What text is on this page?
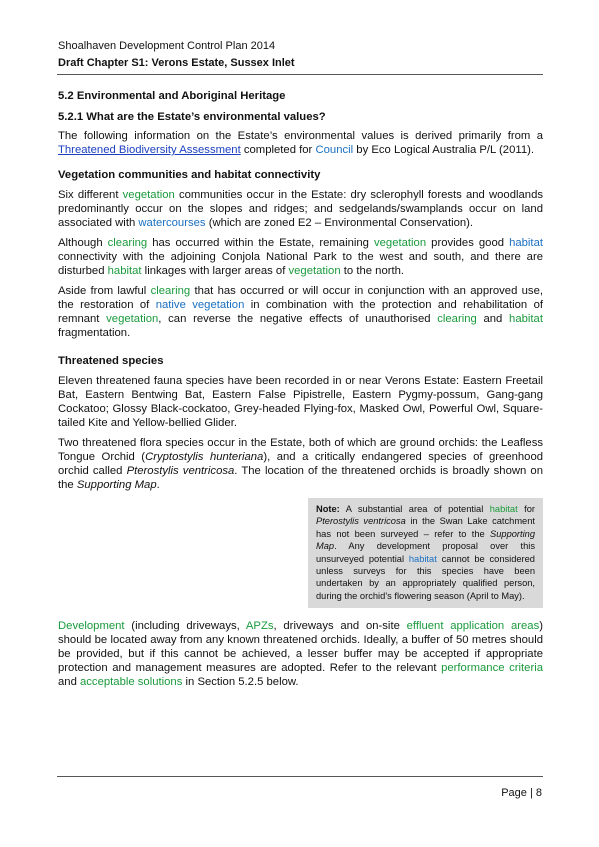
Shoalhaven Development Control Plan 2014
Draft Chapter S1: Verons Estate, Sussex Inlet
5.2 Environmental and Aboriginal Heritage
5.2.1 What are the Estate’s environmental values?

The following information on the Estate’s environmental values is derived primarily from a Threatened Biodiversity Assessment completed for Council by Eco Logical Australia P/L (2011).

Vegetation communities and habitat connectivity

Six different vegetation communities occur in the Estate: dry sclerophyll forests and woodlands predominantly occur on the slopes and ridges; and sedgelands/swamplands occur on land associated with watercourses (which are zoned E2 – Environmental Conservation).

Although clearing has occurred within the Estate, remaining vegetation provides good habitat connectivity with the adjoining Conjola National Park to the west and south, and there are disturbed habitat linkages with larger areas of vegetation to the north.

Aside from lawful clearing that has occurred or will occur in conjunction with an approved use, the restoration of native vegetation in combination with the protection and rehabilitation of remnant vegetation, can reverse the negative effects of unauthorised clearing and habitat fragmentation.

Threatened species

Eleven threatened fauna species have been recorded in or near Verons Estate: Eastern Freetail Bat, Eastern Bentwing Bat, Eastern False Pipistrelle, Eastern Pygmy-possum, Gang-gang Cockatoo; Glossy Black-cockatoo, Grey-headed Flying-fox, Masked Owl, Powerful Owl, Square-tailed Kite and Yellow-bellied Glider.

Two threatened flora species occur in the Estate, both of which are ground orchids: the Leafless Tongue Orchid (Cryptostylis hunteriana), and a critically endangered species of greenhood orchid called Pterostylis ventricosa. The location of the threatened orchids is broadly shown on the Supporting Map.

Note: A substantial area of potential habitat for Pterostylis ventricosa in the Swan Lake catchment has not been surveyed – refer to the Supporting Map. Any development proposal over this unsurveyed potential habitat cannot be considered unless surveys for this species have been undertaken by an appropriately qualified person, during the orchid’s flowering season (April to May).

Development (including driveways, APZs, driveways and on-site effluent application areas) should be located away from any known threatened orchids. Ideally, a buffer of 50 metres should be provided, but if this cannot be achieved, a lesser buffer may be accepted if appropriate protection and management measures are adopted. Refer to the relevant performance criteria and acceptable solutions in Section 5.2.5 below.

Page | 8
